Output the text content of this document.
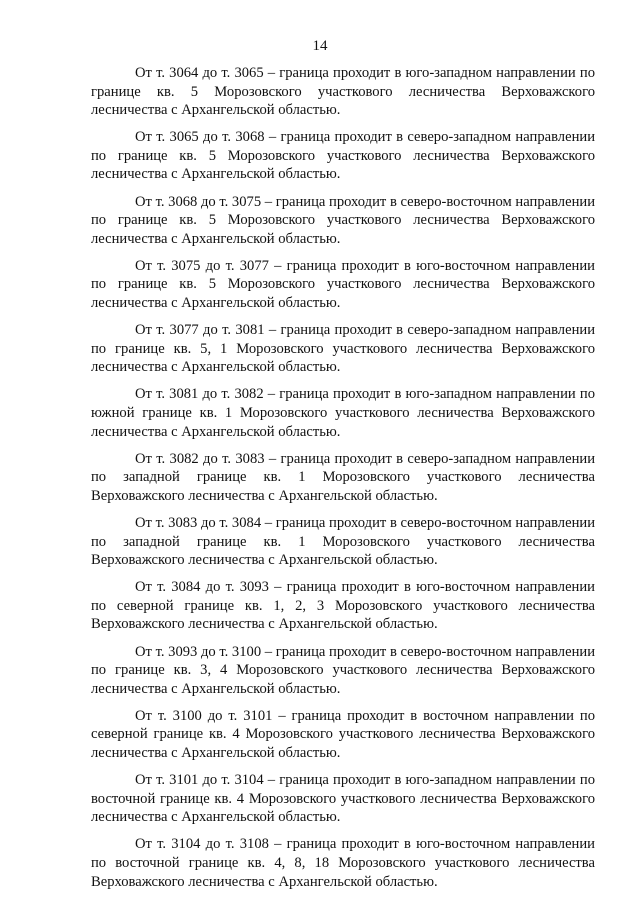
14

От т. 3064 до т. 3065 – граница проходит в юго-западном направлении по границе кв. 5 Морозовского участкового лесничества Верховажского лесничества с Архангельской областью.

От т. 3065 до т. 3068 – граница проходит в северо-западном направлении по границе кв. 5 Морозовского участкового лесничества Верховажского лесничества с Архангельской областью.

От т. 3068 до т. 3075 – граница проходит в северо-восточном направлении по границе кв. 5 Морозовского участкового лесничества Верховажского лесничества с Архангельской областью.

От т. 3075 до т. 3077 – граница проходит в юго-восточном направлении по границе кв. 5 Морозовского участкового лесничества Верховажского лесничества с Архангельской областью.

От т. 3077 до т. 3081 – граница проходит в северо-западном направлении по границе кв. 5, 1 Морозовского участкового лесничества Верховажского лесничества с Архангельской областью.

От т. 3081 до т. 3082 – граница проходит в юго-западном направлении по южной границе кв. 1 Морозовского участкового лесничества Верховажского лесничества с Архангельской областью.

От т. 3082 до т. 3083 – граница проходит в северо-западном направлении по западной границе кв. 1 Морозовского участкового лесничества Верховажского лесничества с Архангельской областью.

От т. 3083 до т. 3084 – граница проходит в северо-восточном направлении по западной границе кв. 1 Морозовского участкового лесничества Верховажского лесничества с Архангельской областью.

От т. 3084 до т. 3093 – граница проходит в юго-восточном направлении по северной границе кв. 1, 2, 3 Морозовского участкового лесничества Верховажского лесничества с Архангельской областью.

От т. 3093 до т. 3100 – граница проходит в северо-восточном направлении по границе кв. 3, 4 Морозовского участкового лесничества Верховажского лесничества с Архангельской областью.

От т. 3100 до т. 3101 – граница проходит в восточном направлении по северной границе кв. 4 Морозовского участкового лесничества Верховажского лесничества с Архангельской областью.

От т. 3101 до т. 3104 – граница проходит в юго-западном направлении по восточной границе кв. 4 Морозовского участкового лесничества Верховажского лесничества с Архангельской областью.

От т. 3104 до т. 3108 – граница проходит в юго-восточном направлении по восточной границе кв. 4, 8, 18 Морозовского участкового лесничества Верховажского лесничества с Архангельской областью.
